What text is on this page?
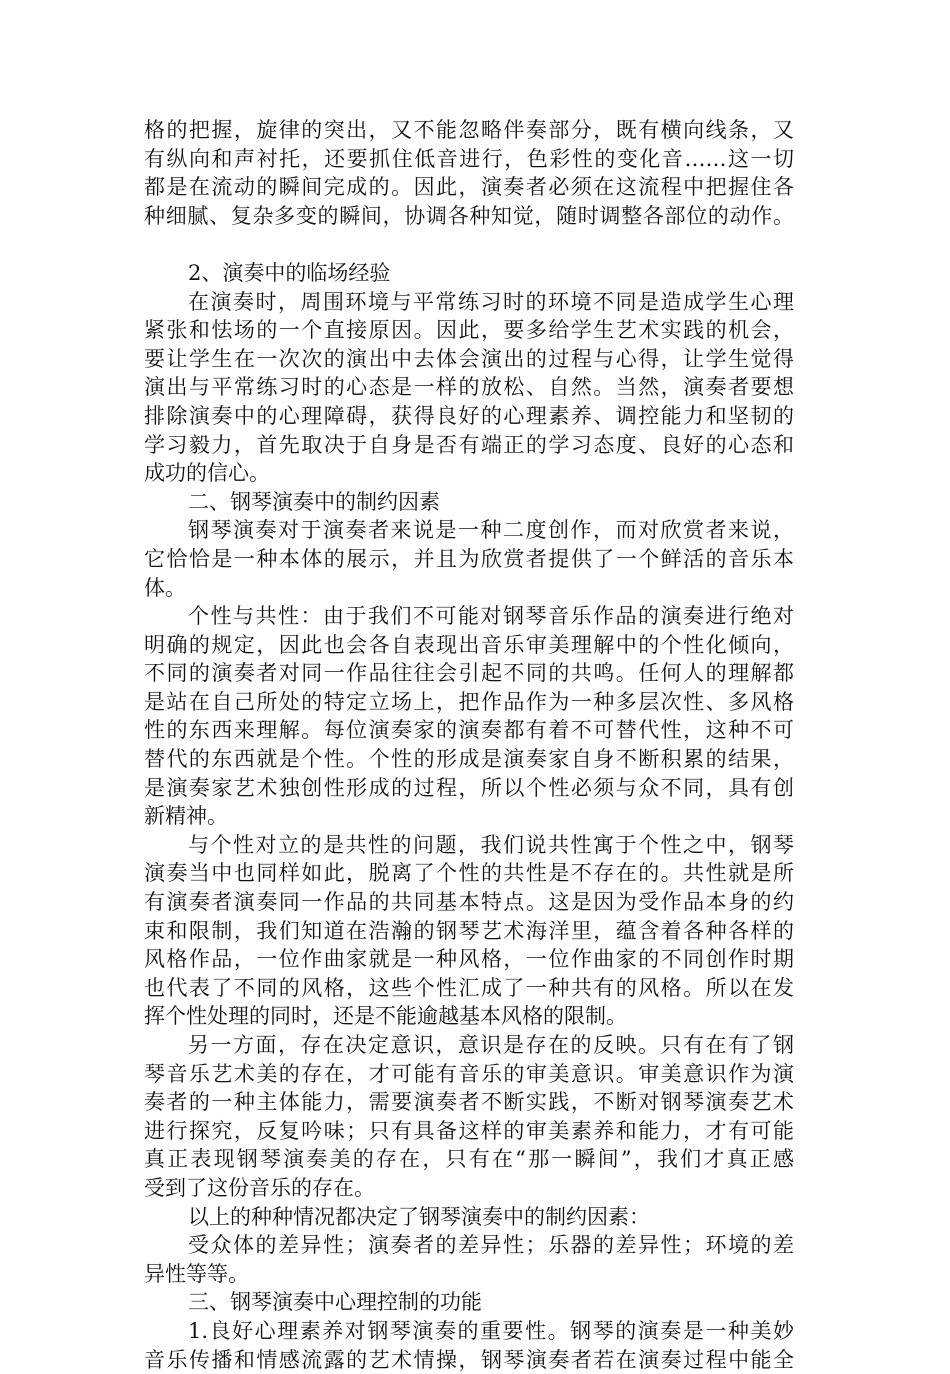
格的把握，旋律的突出，又不能忽略伴奏部分，既有横向线条，又
有纵向和声衬托，还要抓住低音进行，色彩性的变化音……这一切
都是在流动的瞬间完成的。因此，演奏者必须在这流程中把握住各
种细腻、复杂多变的瞬间，协调各种知觉，随时调整各部位的动作。
2、演奏中的临场经验
在演奏时，周围环境与平常练习时的环境不同是造成学生心理
紧张和怯场的一个直接原因。因此，要多给学生艺术实践的机会，
要让学生在一次次的演出中去体会演出的过程与心得，让学生觉得
演出与平常练习时的心态是一样的放松、自然。当然，演奏者要想
排除演奏中的心理障碍，获得良好的心理素养、调控能力和坚韧的
学习毅力，首先取决于自身是否有端正的学习态度、良好的心态和
成功的信心。
二、钢琴演奏中的制约因素
钢琴演奏对于演奏者来说是一种二度创作，而对欣赏者来说，
它恰恰是一种本体的展示，并且为欣赏者提供了一个鲜活的音乐本
体。
个性与共性：由于我们不可能对钢琴音乐作品的演奏进行绝对
明确的规定，因此也会各自表现出音乐审美理解中的个性化倾向，
不同的演奏者对同一作品往往会引起不同的共鸣。任何人的理解都
是站在自己所处的特定立场上，把作品作为一种多层次性、多风格
性的东西来理解。每位演奏家的演奏都有着不可替代性，这种不可
替代的东西就是个性。个性的形成是演奏家自身不断积累的结果，
是演奏家艺术独创性形成的过程，所以个性必须与众不同，具有创
新精神。
与个性对立的是共性的问题，我们说共性寓于个性之中，钢琴
演奏当中也同样如此，脱离了个性的共性是不存在的。共性就是所
有演奏者演奏同一作品的共同基本特点。这是因为受作品本身的约
束和限制，我们知道在浩瀚的钢琴艺术海洋里，蕴含着各种各样的
风格作品，一位作曲家就是一种风格，一位作曲家的不同创作时期
也代表了不同的风格，这些个性汇成了一种共有的风格。所以在发
挥个性处理的同时，还是不能逾越基本风格的限制。
另一方面，存在决定意识，意识是存在的反映。只有在有了钢
琴音乐艺术美的存在，才可能有音乐的审美意识。审美意识作为演
奏者的一种主体能力，需要演奏者不断实践，不断对钢琴演奏艺术
进行探究，反复吟味；只有具备这样的审美素养和能力，才有可能
真正表现钢琴演奏美的存在，只有在“那一瞬间”，我们才真正感
受到了这份音乐的存在。
以上的种种情况都决定了钢琴演奏中的制约因素：
受众体的差异性；演奏者的差异性；乐器的差异性；环境的差
异性等等。
三、钢琴演奏中心理控制的功能
1.良好心理素养对钢琴演奏的重要性。钢琴的演奏是一种美妙
音乐传播和情感流露的艺术情操，钢琴演奏者若在演奏过程中能全
